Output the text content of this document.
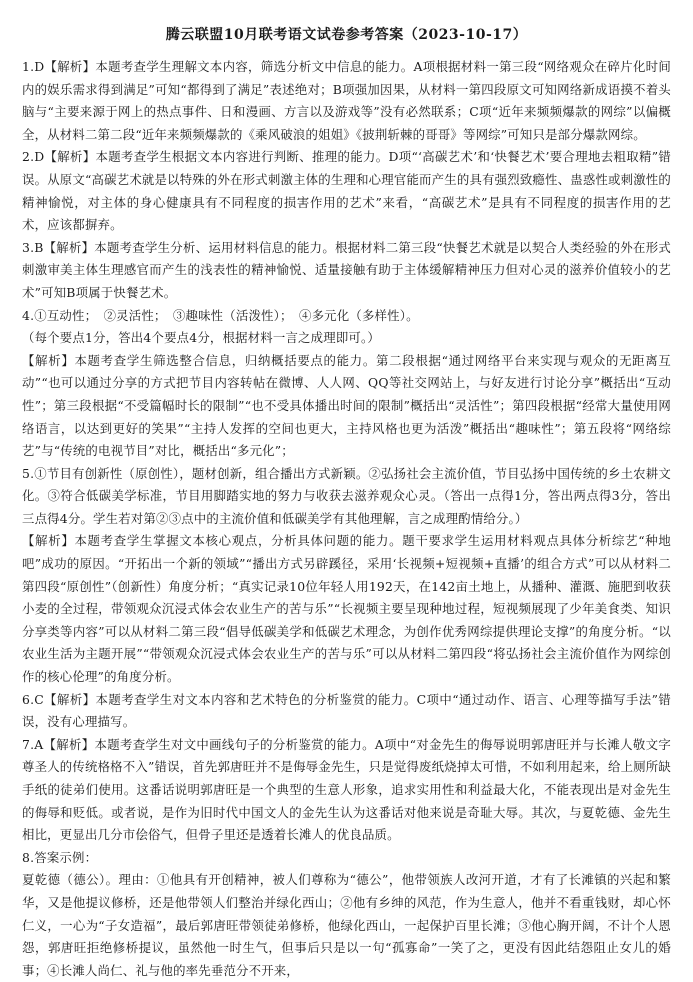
腾云联盟10月联考语文试卷参考答案（2023-10-17）

1.D【解析】本题考查学生理解文本内容，筛选分析文中信息的能力。A项根据材料一第三段“网络观众在碎片化时间内的娱乐需求得到满足”可知“都得到了满足”表述绝对；B项强加因果，从材料一第四段原文可知网络新成语摸不着头脑与“主要来源于网上的热点事件、日和漫画、方言以及游戏等”没有必然联系；C项“近年来频频爆款的网综”以偏概全，从材料二第二段“近年来频频爆款的《乘风破浪的姐姐》《披荆斩棘的哥哥》等网综”可知只是部分爆款网综。

2.D【解析】本题考查学生根据文本内容进行判断、推理的能力。D项“‘高碳艺术’和‘快餐艺术’要合理地去粗取精”错误。从原文“高碳艺术就是以特殊的外在形式刺激主体的生理和心理官能而产生的具有强烈致瘾性、蛊惑性或刺激性的精神愉悦，对主体的身心健康具有不同程度的损害作用的艺术”来看，“高碳艺术”是具有不同程度的损害作用的艺术，应该都摒弃。

3.B【解析】本题考查学生分析、运用材料信息的能力。根据材料二第三段“快餐艺术就是以契合人类经验的外在形式刺激审美主体生理感官而产生的浅表性的精神愉悦、适量接触有助于主体缓解精神压力但对心灵的滋养价值较小的艺术”可知B项属于快餐艺术。

4.①互动性；　②灵活性；　③趣味性（活泼性）；　④多元化（多样性）。

（每个要点1分，答出4个要点4分，根据材料一言之成理即可。）

【解析】本题考查学生筛选整合信息，归纳概括要点的能力。第二段根据“通过网络平台来实现与观众的无距离互动”“也可以通过分享的方式把节目内容转帖在微博、人人网、QQ等社交网站上，与好友进行讨论分享”概括出“互动性”；第三段根据“不受篇幅时长的限制”“也不受具体播出时间的限制”概括出“灵活性”；第四段根据“经常大量使用网络语言，以达到更好的笑果”“主持人发挥的空间也更大，主持风格也更为活泼”概括出“趣味性”；第五段将“网络综艺”与“传统的电视节目”对比，概括出“多元化”；

5.①节目有创新性（原创性），题材创新，组合播出方式新颖。②弘扬社会主流价值，节目弘扬中国传统的乡土农耕文化。③符合低碳美学标准，节目用脚踏实地的努力与收获去滋养观众心灵。（答出一点得1分，答出两点得3分，答出三点得4分。学生若对第②③点中的主流价值和低碳美学有其他理解，言之成理酌情给分。）

【解析】本题考查学生掌握文本核心观点，分析具体问题的能力。题干要求学生运用材料观点具体分析综艺“种地吧”成功的原因。“开拓出一个新的领域”“播出方式另辟蹊径，采用‘长视频+短视频+直播’的组合方式”可以从材料二第四段“原创性”（创新性）角度分析；“真实记录10位年轻人用192天，在142亩土地上，从播种、灌溉、施肥到收获小麦的全过程，带领观众沉浸式体会农业生产的苦与乐”“长视频主要呈现种地过程，短视频展现了少年美食类、知识分享类等内容”可以从材料二第三段“倡导低碳美学和低碳艺术理念，为创作优秀网综提供理论支撑”的角度分析。“以农业生活为主题开展”“带领观众沉浸式体会农业生产的苦与乐”可以从材料二第四段“将弘扬社会主流价值作为网综创作的核心伦理”的角度分析。

6.C【解析】本题考查学生对文本内容和艺术特色的分析鉴赏的能力。C项中“通过动作、语言、心理等描写手法”错误，没有心理描写。

7.A【解析】本题考查学生对文中画线句子的分析鉴赏的能力。A项中“对金先生的侮辱说明郭唐旺并与长滩人敬文字尊圣人的传统格格不入”错误，首先郭唐旺并不是侮辱金先生，只是觉得废纸烧掉太可惜，不如利用起来，给上厕所缺手纸的徒弟们使用。这番话说明郭唐旺是一个典型的生意人形象，追求实用性和利益最大化，不能表现出是对金先生的侮辱和贬低。或者说，是作为旧时代中国文人的金先生认为这番话对他来说是奇耻大辱。其次，与夏乾德、金先生相比，更显出几分市侩俗气，但骨子里还是透着长滩人的优良品质。

8.答案示例：

夏乾德（德公）。理由：①他具有开创精神，被人们尊称为“德公”，他带领族人改河开道，才有了长滩镇的兴起和繁华，又是他提议修桥，还是他带领人们整治并绿化西山；②他有乡绅的风范，作为生意人，他并不看重钱财，却心怀仁义，一心为“子女造福”，最后郭唐旺带领徒弟修桥，他绿化西山，一起保护百里长滩；③他心胸开阔，不计个人恩怨，郭唐旺拒绝修桥提议，虽然他一时生气，但事后只是以一句“孤寡命”一笑了之，更没有因此结怨阻止女儿的婚事；④长滩人尚仁、礼与他的率先垂范分不开来，
